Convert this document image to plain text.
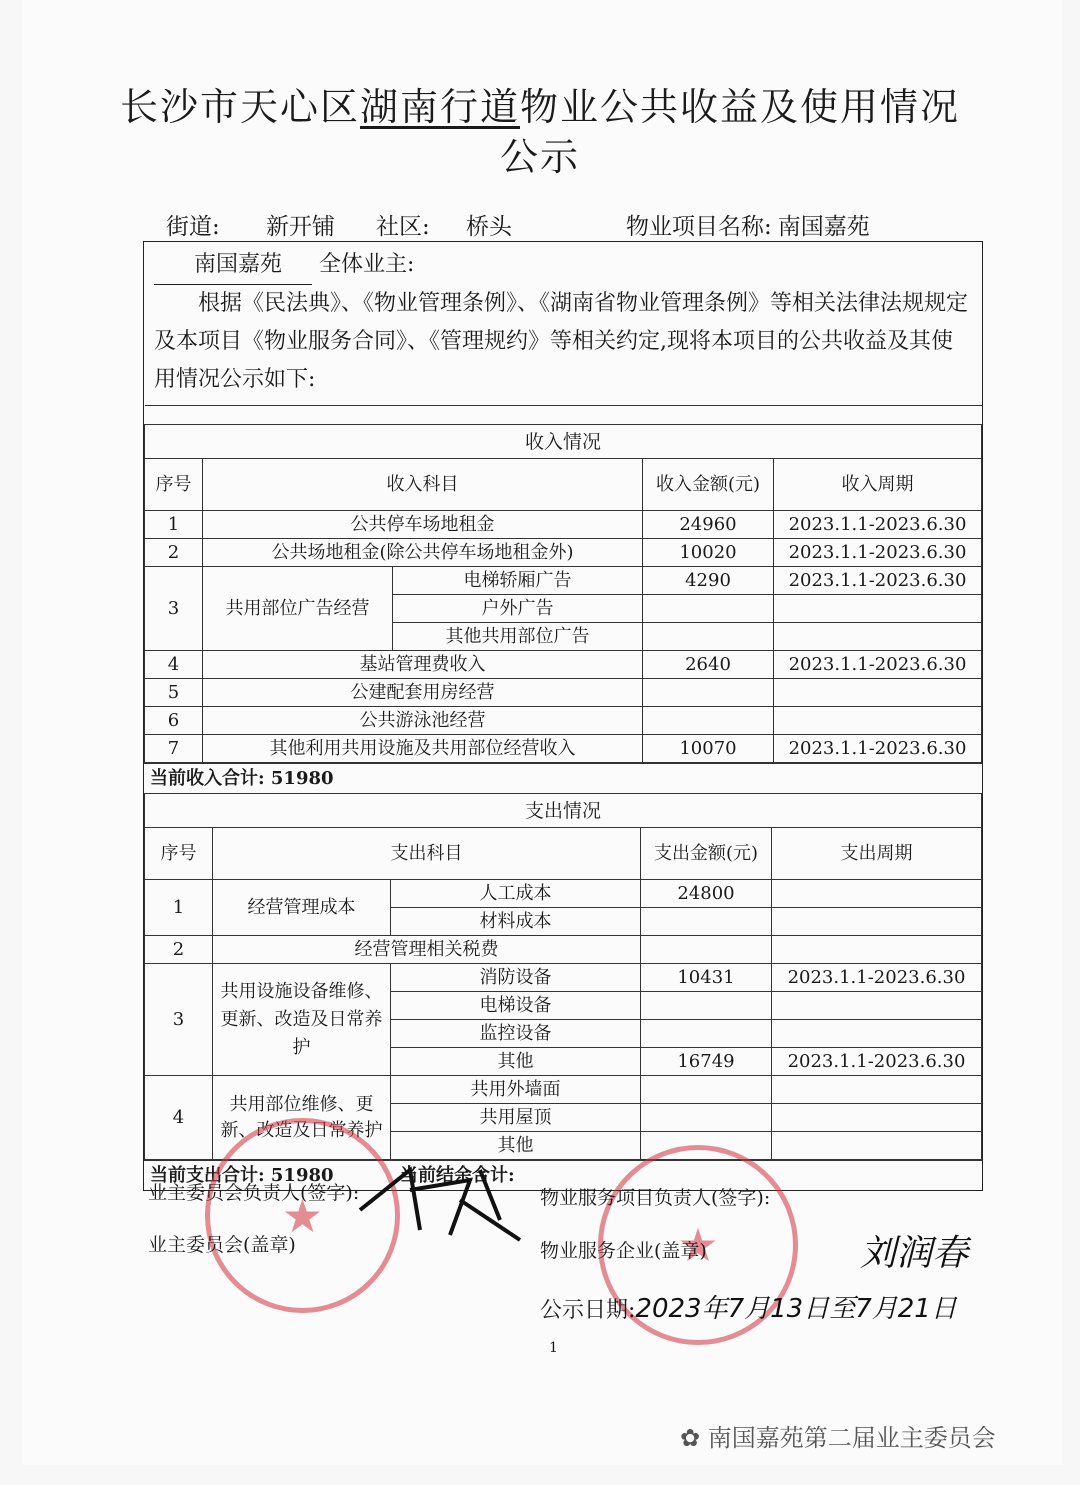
长沙市天心区湖南行道物业公共收益及使用情况
公示
街道:	新开铺	社区:	桥头	物业项目名称: 南国嘉苑
南国嘉苑 全体业主:
根据《民法典》、《物业管理条例》、《湖南省物业管理条例》等相关法律法规规定及本项目《物业服务合同》、《管理规约》等相关约定,现将本项目的公共收益及其使用情况公示如下:

收入情况				
序号	收入科目		收入金额(元)	收入周期
1	公共停车场地租金		24960	2023.1.1-2023.6.30
2	公共场地租金(除公共停车场地租金外)		10020	2023.1.1-2023.6.30
3	共用部位广告经营	电梯轿厢广告	4290	2023.1.1-2023.6.30
		户外广告		
		其他共用部位广告		
4	基站管理费收入		2640	2023.1.1-2023.6.30
5	公建配套用房经营			
6	公共游泳池经营			
7	其他利用共用设施及共用部位经营收入		10070	2023.1.1-2023.6.30
当前收入合计: 51980
支出情况				
序号	支出科目		支出金额(元)	支出周期
1	经营管理成本	人工成本	24800	
		材料成本		
2	经营管理相关税费			
3	共用设施设备维修、更新、改造及日常养护	消防设备	10431	2023.1.1-2023.6.30
		电梯设备		
		监控设备		
		其他	16749	2023.1.1-2023.6.30
4	共用部位维修、更新、改造及日常养护	共用外墙面		
		共用屋顶		
		其他		
当前支出合计: 51980	当前结余合计:
★
★
业主委员会负责人(签字):
业主委员会(盖章)
物业服务项目负责人(签字):
物业服务企业(盖章)	刘润春
公示日期:2023年7月13日至7月21日
1
✿ 南国嘉苑第二届业主委员会
